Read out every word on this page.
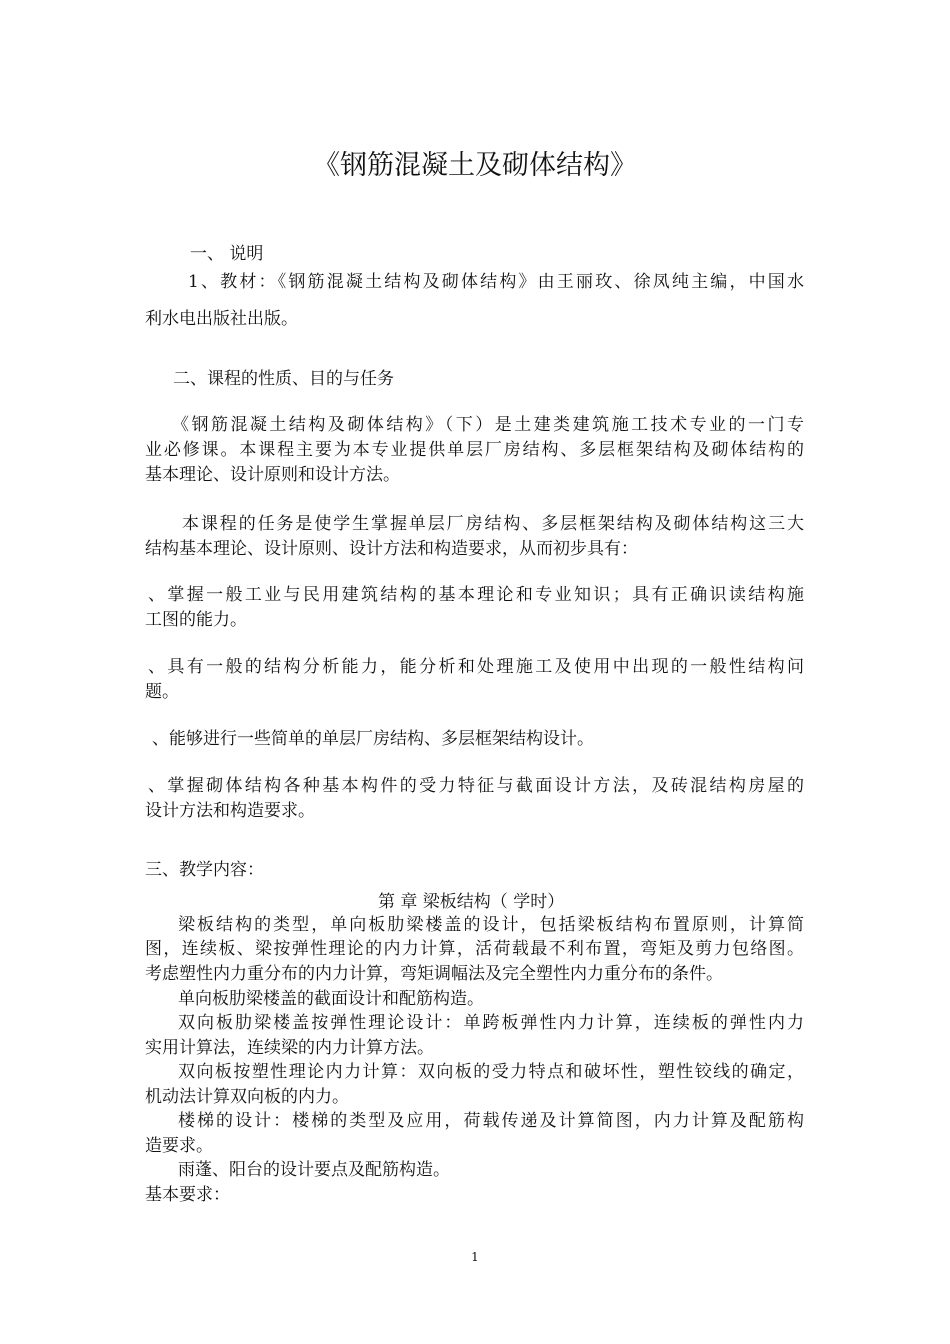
《钢筋混凝土及砌体结构》
一、 说明
1、教材：《钢筋混凝土结构及砌体结构》由王丽玫、徐凤纯主编，中国水
利水电出版社出版。
二、课程的性质、目的与任务
《钢筋混凝土结构及砌体结构》（下）是土建类建筑施工技术专业的一门专
业必修课。本课程主要为本专业提供单层厂房结构、多层框架结构及砌体结构的
基本理论、设计原则和设计方法。
本课程的任务是使学生掌握单层厂房结构、多层框架结构及砌体结构这三大
结构基本理论、设计原则、设计方法和构造要求，从而初步具有：
、掌握一般工业与民用建筑结构的基本理论和专业知识；具有正确识读结构施
工图的能力。
、具有一般的结构分析能力，能分析和处理施工及使用中出现的一般性结构问
题。
、能够进行一些简单的单层厂房结构、多层框架结构设计。
、掌握砌体结构各种基本构件的受力特征与截面设计方法，及砖混结构房屋的
设计方法和构造要求。
三、教学内容：
第 章 梁板结构（ 学时）
梁板结构的类型，单向板肋梁楼盖的设计，包括梁板结构布置原则，计算简
图，连续板、梁按弹性理论的内力计算，活荷载最不利布置，弯矩及剪力包络图。
考虑塑性内力重分布的内力计算，弯矩调幅法及完全塑性内力重分布的条件。
单向板肋梁楼盖的截面设计和配筋构造。
双向板肋梁楼盖按弹性理论设计：单跨板弹性内力计算，连续板的弹性内力
实用计算法，连续梁的内力计算方法。
双向板按塑性理论内力计算：双向板的受力特点和破坏性，塑性铰线的确定，
机动法计算双向板的内力。
楼梯的设计：楼梯的类型及应用，荷载传递及计算简图，内力计算及配筋构
造要求。
雨蓬、阳台的设计要点及配筋构造。
基本要求：
1
